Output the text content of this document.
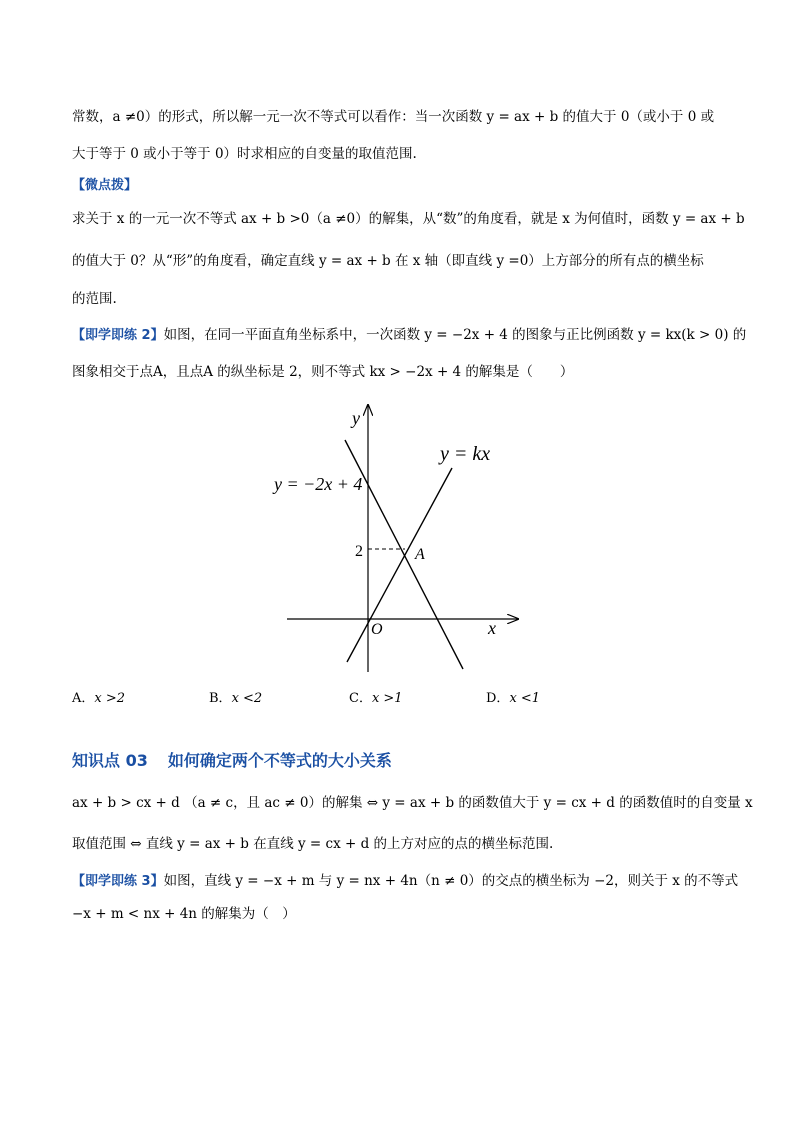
常数，a ≠0）的形式，所以解一元一次不等式可以看作：当一次函数 y = ax + b 的值大于 0（或小于 0 或
大于等于 0 或小于等于 0）时求相应的自变量的取值范围.
【微点拨】
求关于 x 的一元一次不等式 ax + b >0（a ≠0）的解集，从“数”的角度看，就是 x 为何值时，函数 y = ax + b
的值大于 0？从“形”的角度看，确定直线 y = ax + b 在 x 轴（即直线 y =0）上方部分的所有点的横坐标
的范围.
【即学即练 2】如图，在同一平面直角坐标系中，一次函数 y = −2x + 4 的图象与正比例函数 y = kx(k > 0) 的
图象相交于点A，且点A 的纵坐标是 2，则不等式 kx > −2x + 4 的解集是（　　）
y
x
O
y = −2x + 4
y = kx
A
2
A．x >2	B．x <2	C．x >1	D．x <1
知识点 03 如何确定两个不等式的大小关系
ax + b > cx + d （a ≠ c，且 ac ≠ 0）的解集 ⇔ y = ax + b 的函数值大于 y = cx + d 的函数值时的自变量 x
取值范围 ⇔ 直线 y = ax + b 在直线 y = cx + d 的上方对应的点的横坐标范围.
【即学即练 3】如图，直线 y = −x + m 与 y = nx + 4n（n ≠ 0）的交点的横坐标为 −2，则关于 x 的不等式
−x + m < nx + 4n 的解集为（　）
